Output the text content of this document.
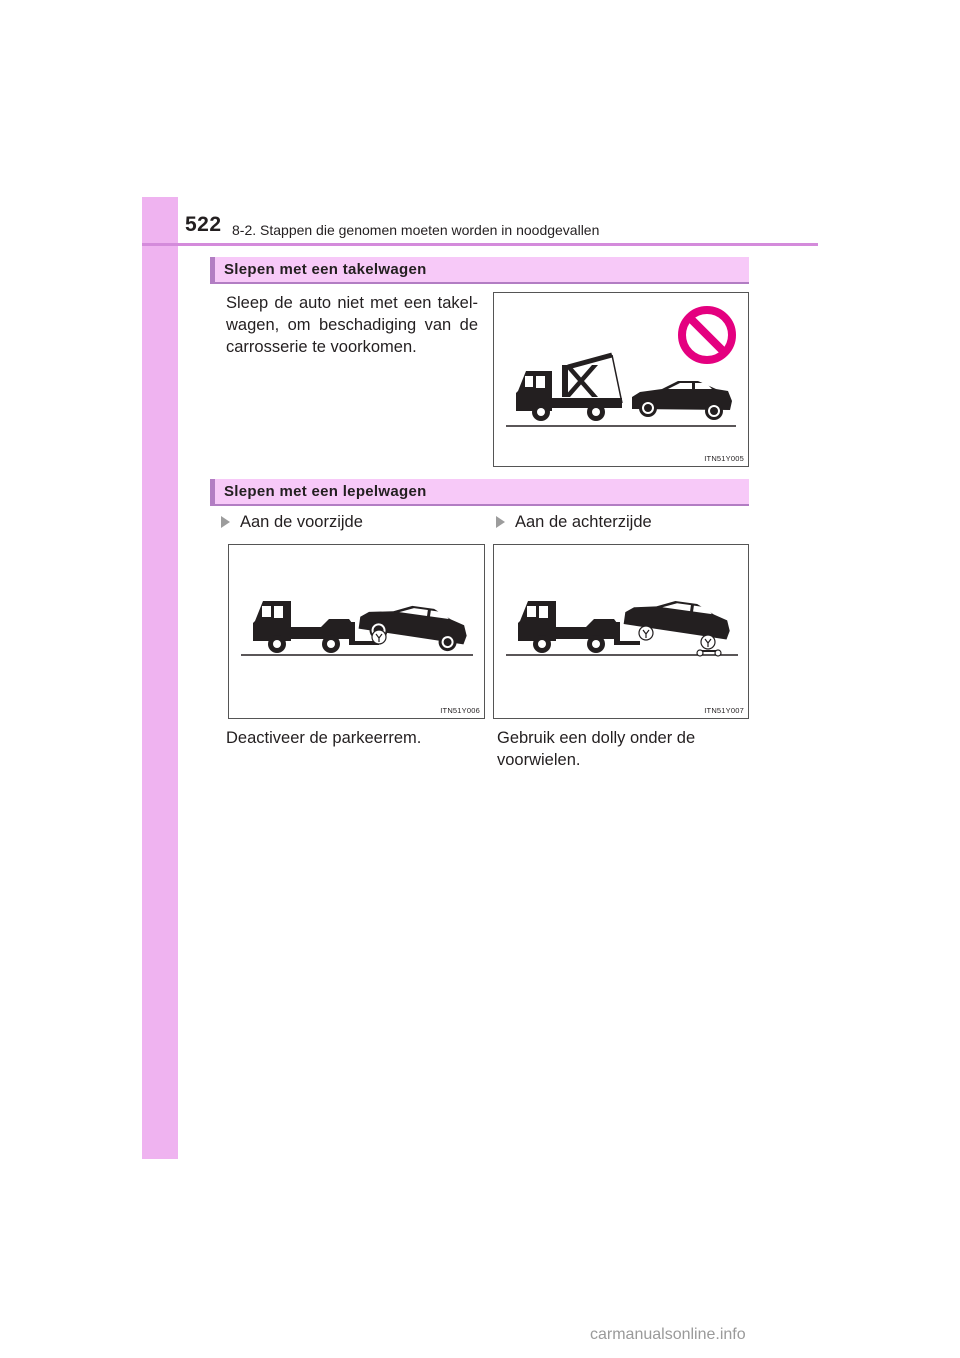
522 8-2. Stappen die genomen moeten worden in noodgevallen
Slepen met een takelwagen
Sleep de auto niet met een takelwagen, om beschadiging van de carrosserie te voorkomen.
ITN51Y005
Slepen met een lepelwagen
Aan de voorzijde	Aan de achterzijde
ITN51Y006	ITN51Y007
Deactiveer de parkeerrem.	Gebruik een dolly onder de voorwielen.
carmanualsonline.info
